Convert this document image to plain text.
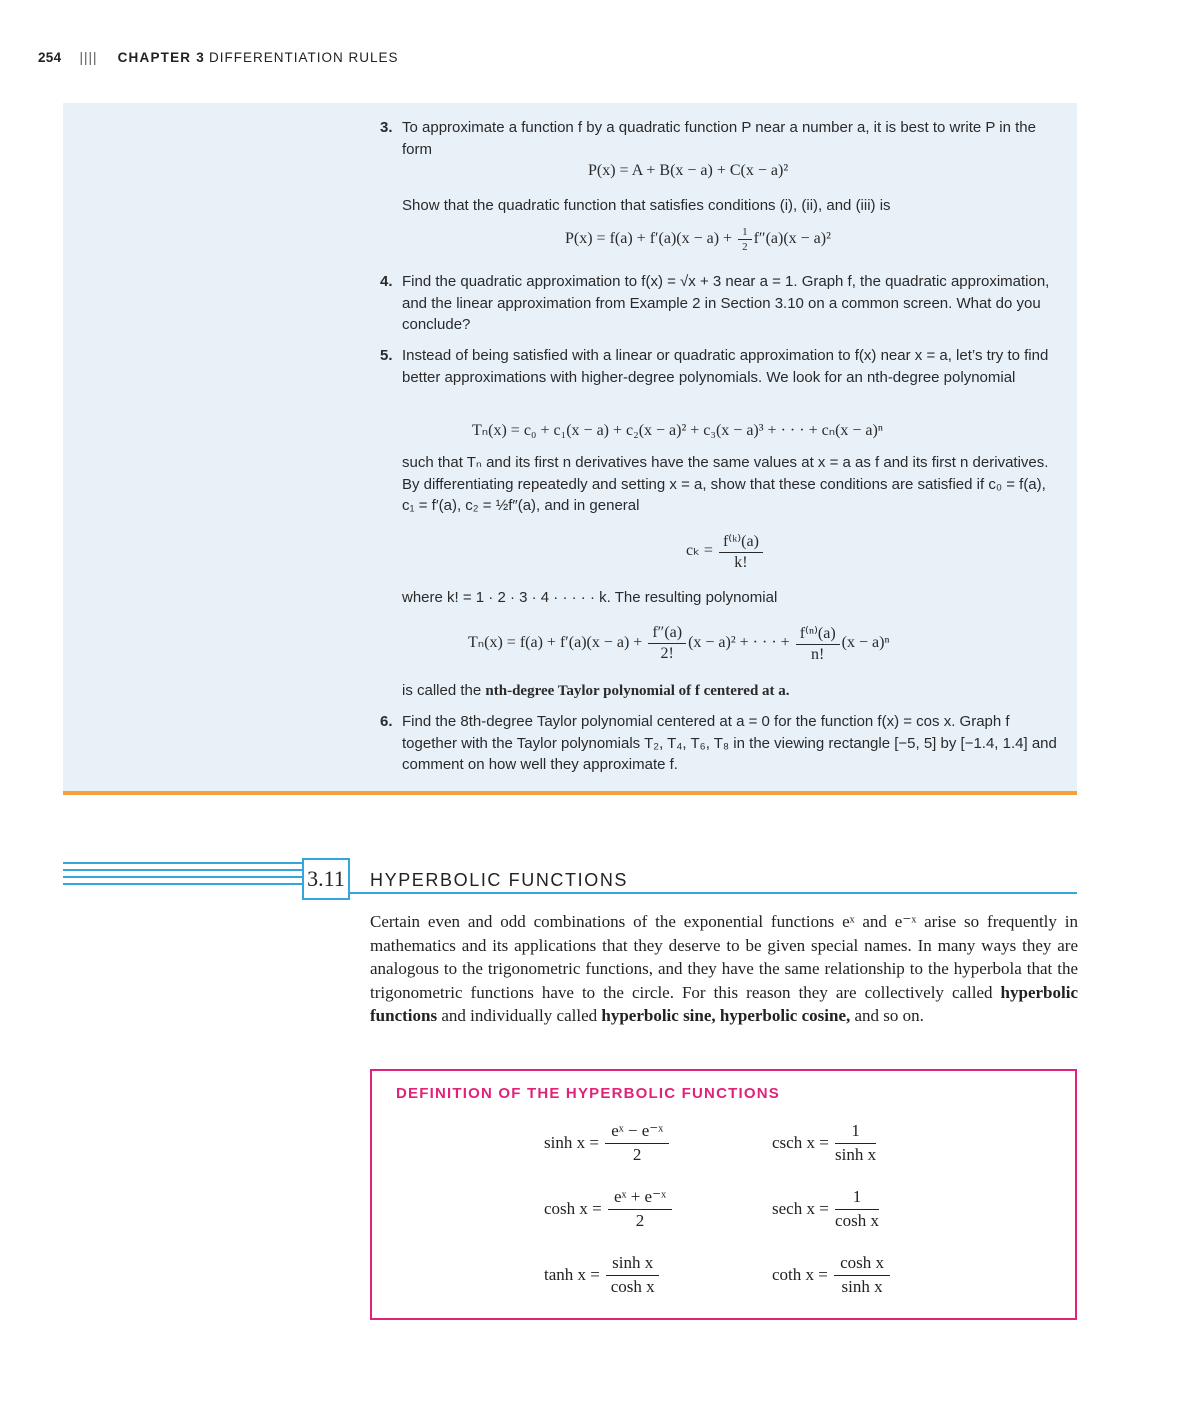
254 |||| CHAPTER 3 DIFFERENTIATION RULES
3. To approximate a function f by a quadratic function P near a number a, it is best to write P in the form
P(x) = A + B(x − a) + C(x − a)²
Show that the quadratic function that satisfies conditions (i), (ii), and (iii) is
$P(x) = f(a) + f'(a)(x - a) + \frac{1}{2} f''(a)(x - a)^2$
4. Find the quadratic approximation to f(x) = √x + 3 near a = 1. Graph f, the quadratic approximation, and the linear approximation from Example 2 in Section 3.10 on a common screen. What do you conclude?
5. Instead of being satisfied with a linear or quadratic approximation to f(x) near x = a, let’s try to find better approximations with higher-degree polynomials. We look for an nth-degree polynomial
Tₙ(x) = c₀ + c₁(x − a) + c₂(x − a)² + c₃(x − a)³ + · · · + cₙ(x − a)ⁿ
such that Tₙ and its first n derivatives have the same values at x = a as f and its first n derivatives. By differentiating repeatedly and setting x = a, show that these conditions are satisfied if c₀ = f(a), c₁ = f′(a), c₂ = ½f″(a), and in general
$c_k = \frac{\text{f⁽ᵏ⁾(a)}}{k!}$
where k! = 1 · 2 · 3 · 4 · · · · · k. The resulting polynomial
$T_n(x) = f(a) + f'(a)(x - a) + \frac{f''(a)}{2!} (x - a)^2$ + · · · + $\frac{\text{f⁽ⁿ⁾(a)}}{n!} (x - a)^n$
is called the nth-degree Taylor polynomial of f centered at a.
6. Find the 8th-degree Taylor polynomial centered at a = 0 for the function f(x) = cos x. Graph f together with the Taylor polynomials T₂, T₄, T₆, T₈ in the viewing rectangle [−5, 5] by [−1.4, 1.4] and comment on how well they approximate f.
3.11 HYPERBOLIC FUNCTIONS
Certain even and odd combinations of the exponential functions eˣ and e⁻ˣ arise so frequently in mathematics and its applications that they deserve to be given special names. In many ways they are analogous to the trigonometric functions, and they have the same relationship to the hyperbola that the trigonometric functions have to the circle. For this reason they are collectively called hyperbolic functions and individually called hyperbolic sine, hyperbolic cosine, and so on.
DEFINITION OF THE HYPERBOLIC FUNCTIONS
$\sinh x = \frac{\text{eˣ − e⁻ˣ}}{2}$
$\cosh x = \frac{\text{eˣ + e⁻ˣ}}{2}$
$\tanh x = \frac{\text{sinh x}}{\text{cosh x}}$
csch $x = \frac{1}{\text{sinh x}}$
sech $x = \frac{1}{\text{cosh x}}$
coth $x = \frac{\text{cosh x}}{\text{sinh x}}$
